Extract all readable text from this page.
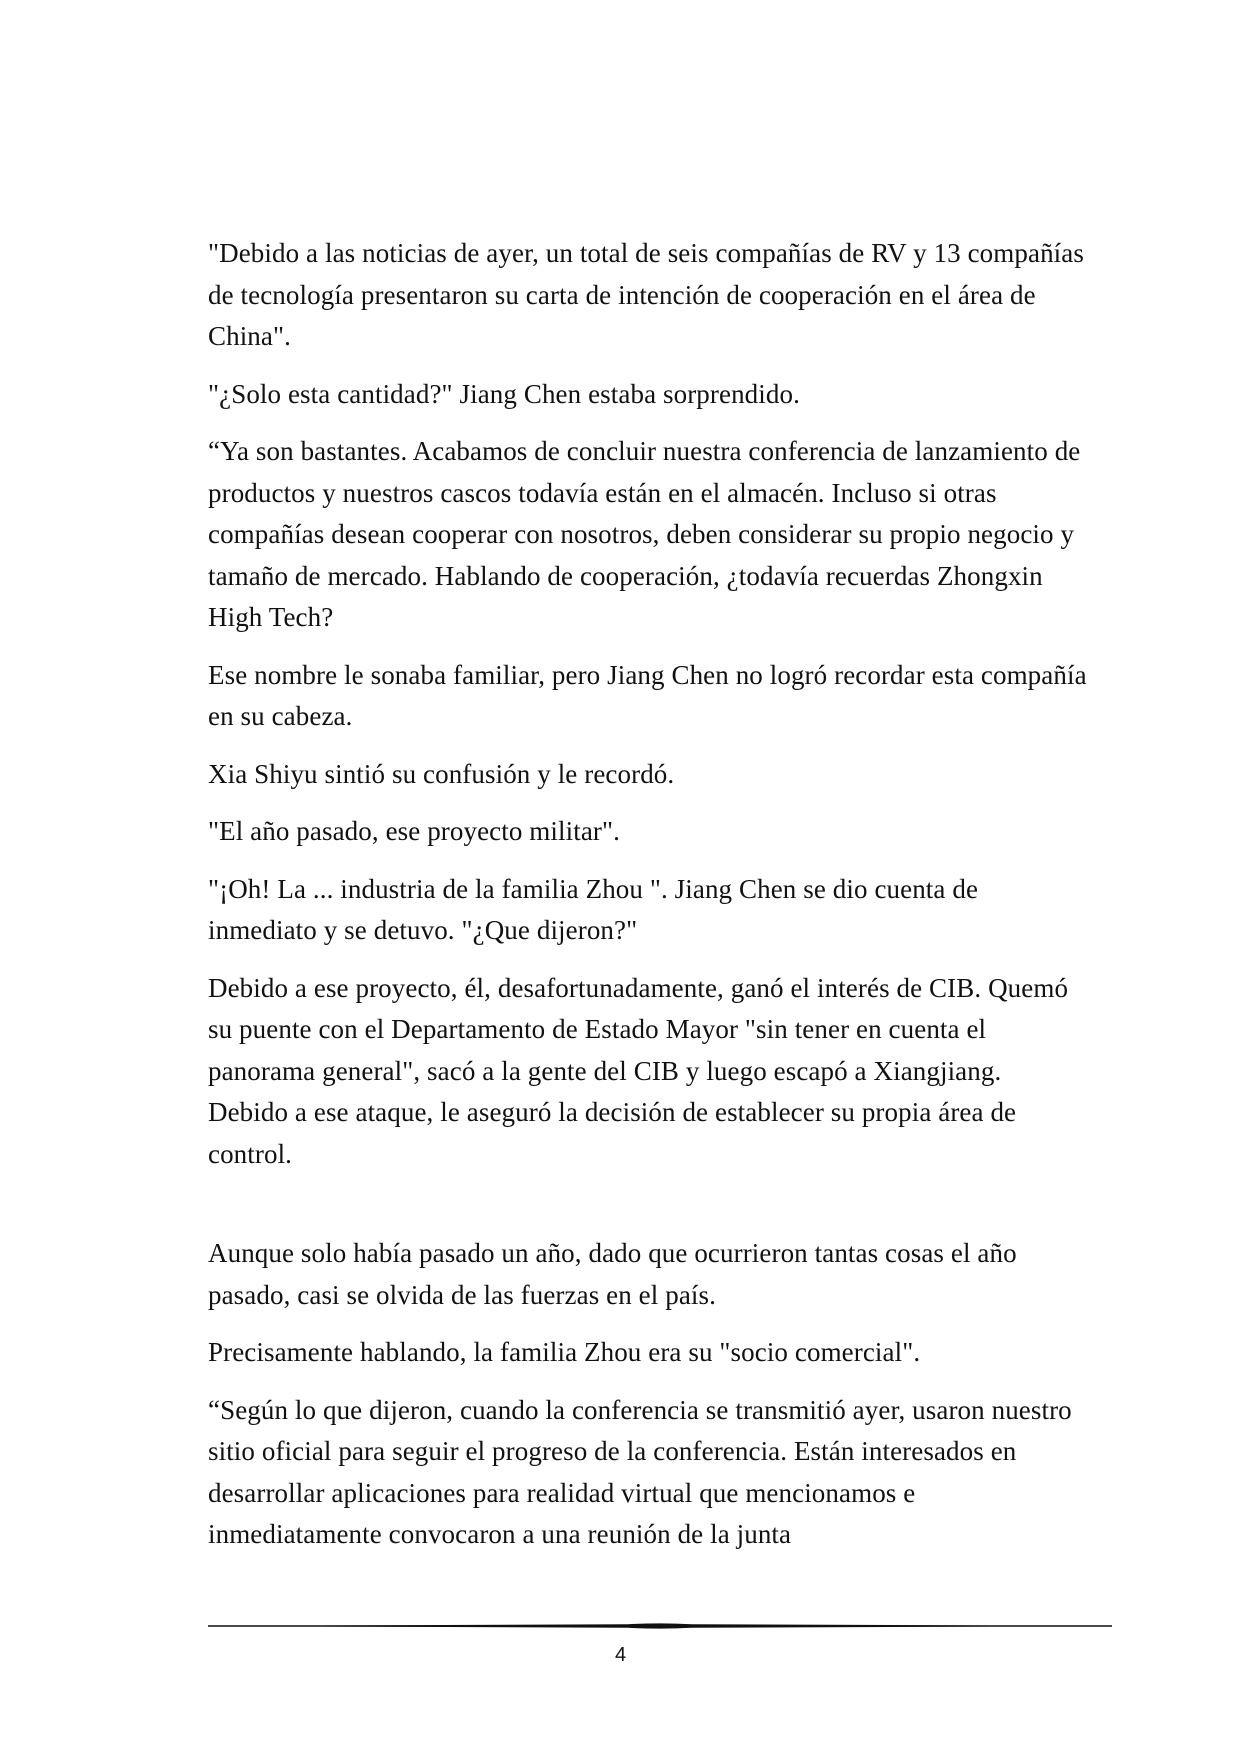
"Debido a las noticias de ayer, un total de seis compañías de RV y 13 compañías de tecnología presentaron su carta de intención de cooperación en el área de China".

"¿Solo esta cantidad?" Jiang Chen estaba sorprendido.

“Ya son bastantes. Acabamos de concluir nuestra conferencia de lanzamiento de productos y nuestros cascos todavía están en el almacén. Incluso si otras compañías desean cooperar con nosotros, deben considerar su propio negocio y tamaño de mercado. Hablando de cooperación, ¿todavía recuerdas Zhongxin High Tech?

Ese nombre le sonaba familiar, pero Jiang Chen no logró recordar esta compañía en su cabeza.

Xia Shiyu sintió su confusión y le recordó.

"El año pasado, ese proyecto militar".

"¡Oh! La ... industria de la familia Zhou ". Jiang Chen se dio cuenta de inmediato y se detuvo. "¿Que dijeron?"

Debido a ese proyecto, él, desafortunadamente, ganó el interés de CIB. Quemó su puente con el Departamento de Estado Mayor "sin tener en cuenta el panorama general", sacó a la gente del CIB y luego escapó a Xiangjiang. Debido a ese ataque, le aseguró la decisión de establecer su propia área de control.

Aunque solo había pasado un año, dado que ocurrieron tantas cosas el año pasado, casi se olvida de las fuerzas en el país.

Precisamente hablando, la familia Zhou era su "socio comercial".

“Según lo que dijeron, cuando la conferencia se transmitió ayer, usaron nuestro sitio oficial para seguir el progreso de la conferencia. Están interesados en desarrollar aplicaciones para realidad virtual que mencionamos e inmediatamente convocaron a una reunión de la junta

4
